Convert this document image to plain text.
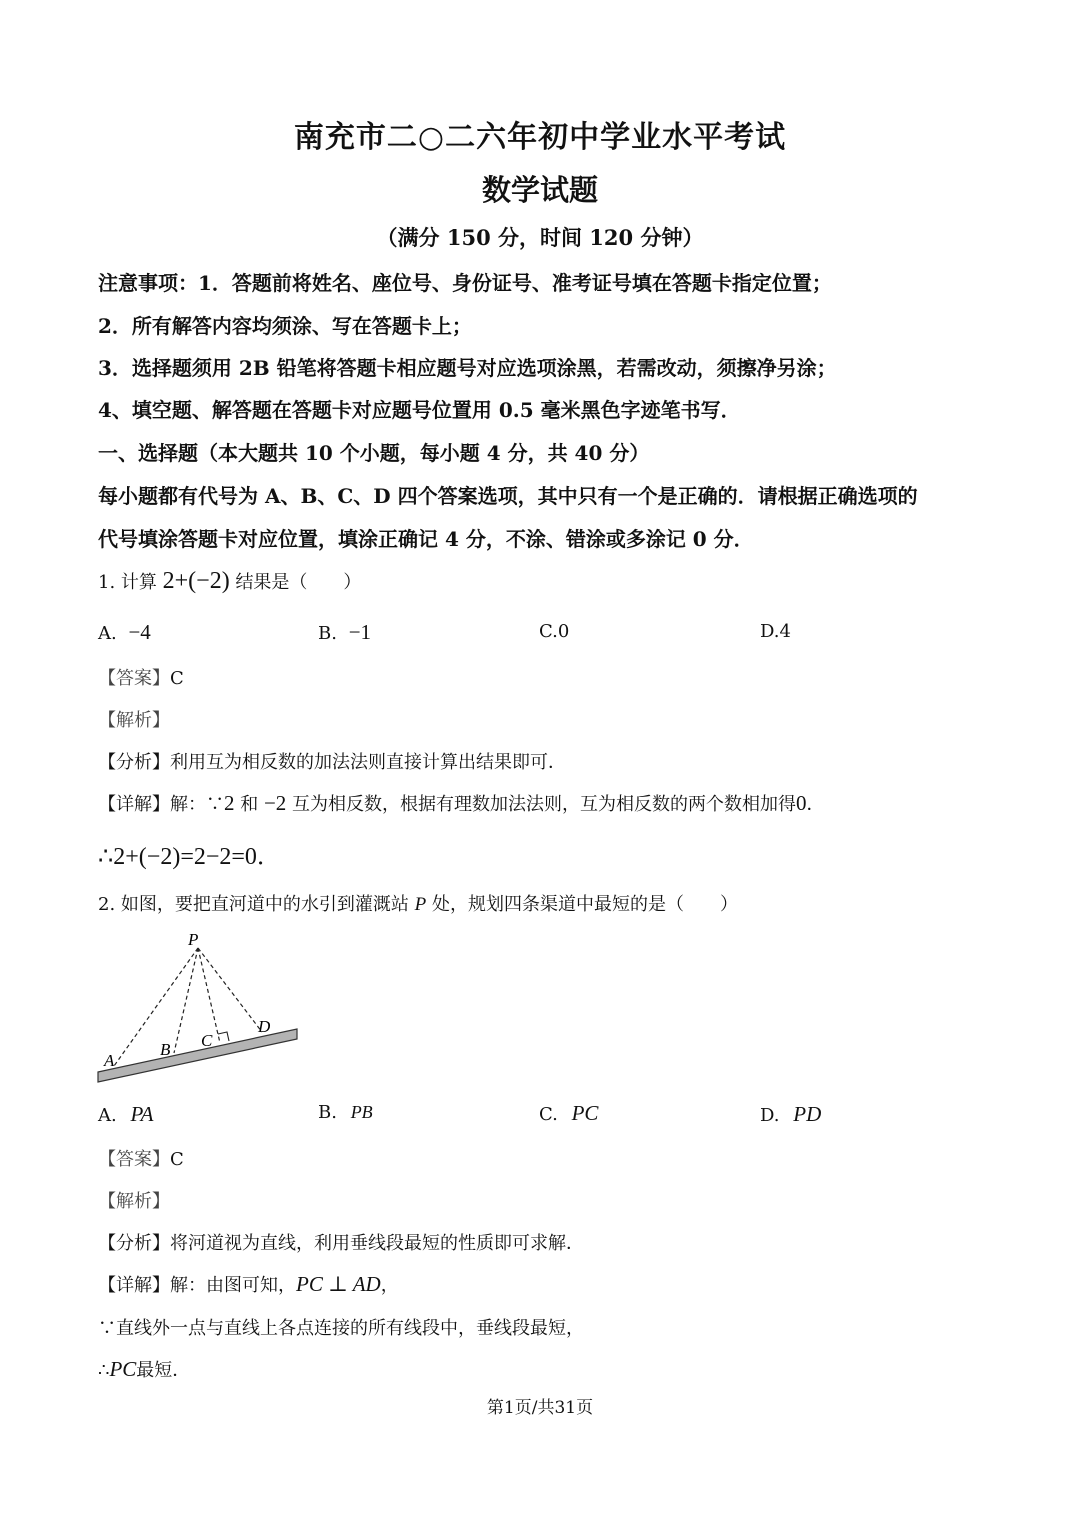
南充市二○二六年初中学业水平考试
数学试题
（满分 150 分，时间 120 分钟）
注意事项：1．答题前将姓名、座位号、身份证号、准考证号填在答题卡指定位置；
2．所有解答内容均须涂、写在答题卡上；
3．选择题须用 2B 铅笔将答题卡相应题号对应选项涂黑，若需改动，须擦净另涂；
4、填空题、解答题在答题卡对应题号位置用 0.5 毫米黑色字迹笔书写．
一、选择题（本大题共 10 个小题，每小题 4 分，共 40 分）
每小题都有代号为 A、B、C、D 四个答案选项，其中只有一个是正确的．请根据正确选项的
代号填涂答题卡对应位置，填涂正确记 4 分，不涂、错涂或多涂记 0 分．
1. 计算 2+(−2) 结果是（　　）
A. −4	B. −1	C.0	D.4
【答案】C
【解析】
【分析】利用互为相反数的加法法则直接计算出结果即可．
【详解】解：∵2 和 −2 互为相反数，根据有理数加法法则，互为相反数的两个数相加得0．
∴2+(−2)=2−2=0．
2. 如图，要把直河道中的水引到灌溉站 P 处，规划四条渠道中最短的是（　　）
P
A
B C
D
A. PA	B. PB	C. PC	D. PD
【答案】C
【解析】
【分析】将河道视为直线，利用垂线段最短的性质即可求解．
【详解】解：由图可知，PC ⊥ AD，
∵直线外一点与直线上各点连接的所有线段中，垂线段最短，
∴PC最短．
第1页/共31页
